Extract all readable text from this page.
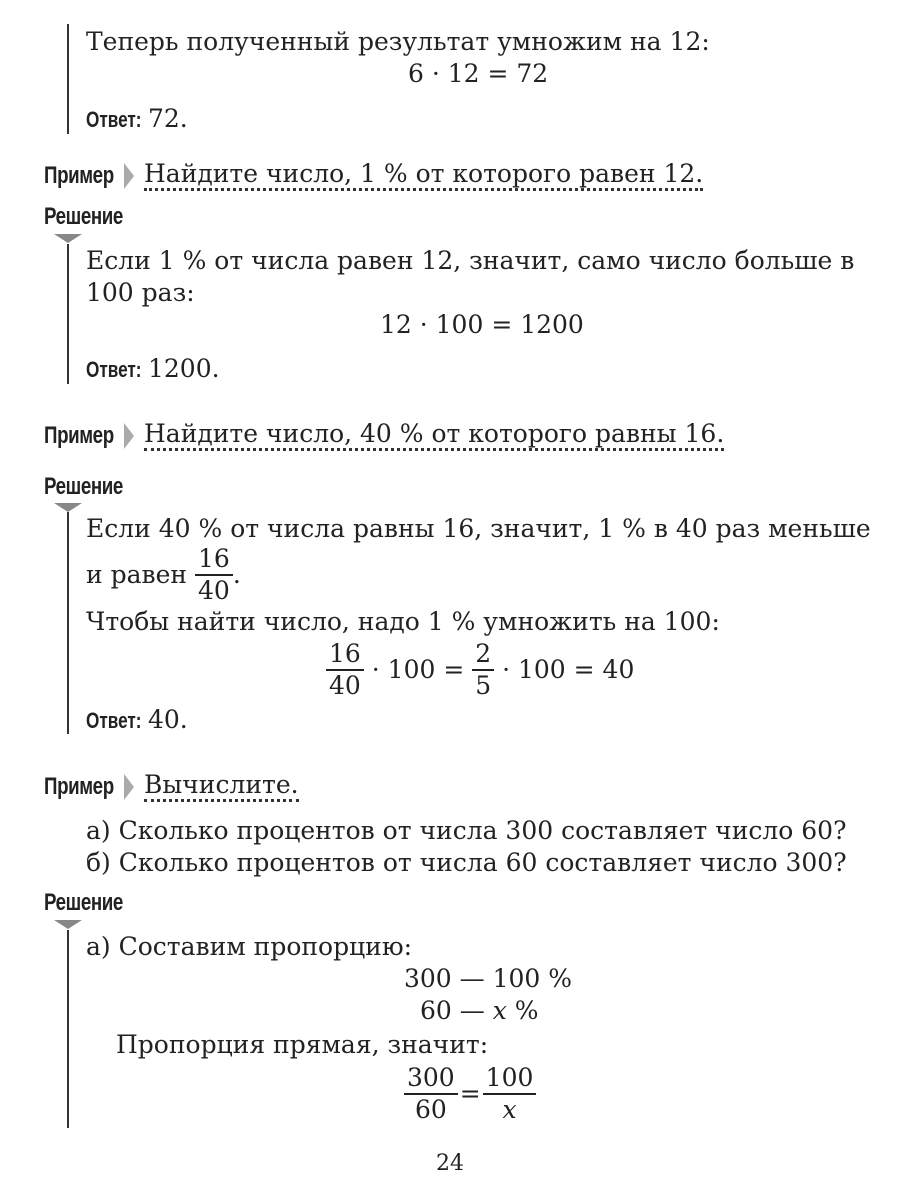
Теперь полученный результат умножим на 12:
6 · 12 = 72
Ответ: 72.
Пример	Найдите число, 1 % от которого равен 12.
Решение
Если 1 % от числа равен 12, значит, само число больше в
100 раз:
12 · 100 = 1200
Ответ: 1200.
Пример	Найдите число, 40 % от которого равны 16.
Решение
Если 40 % от числа равны 16, значит, 1 % в 40 раз меньше
и равен
$\frac{16}{40}$ .
Чтобы найти число, надо 1 % умножить на 100:
$\frac{16}{40}$
· 100 =
$\frac{2}{5}$
· 100 = 40
Ответ: 40.
Пример	Вычислите.
а) Сколько процентов от числа 300 составляет число 60?
б) Сколько процентов от числа 60 составляет число 300?
Решение
а) Составим пропорцию:
300 — 100 %
60 — x %
Пропорция прямая, значит:
$\frac{300}{60} = \frac{100}{x}$
24
